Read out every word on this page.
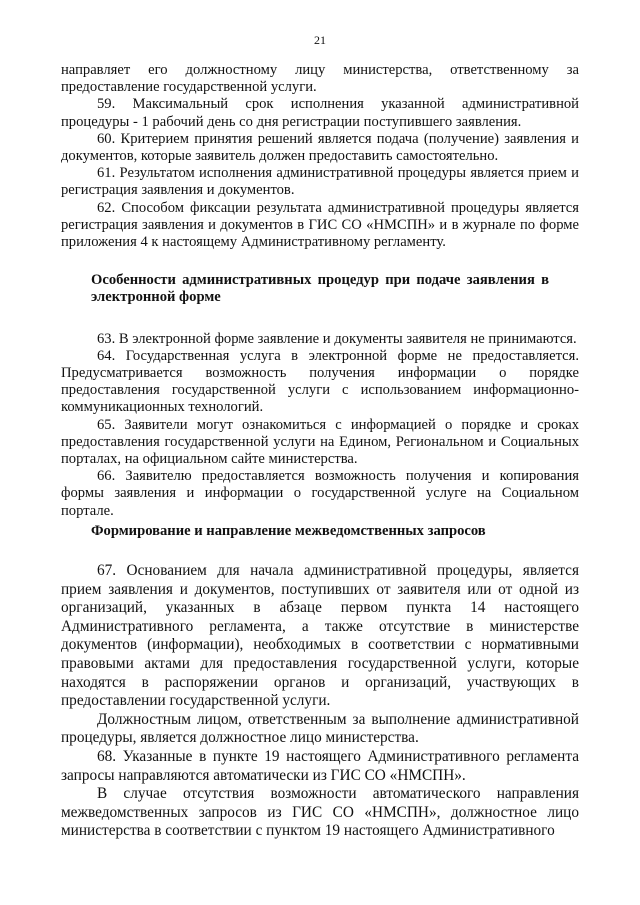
21

направляет его должностному лицу министерства, ответственному за предоставление государственной услуги.

59. Максимальный срок исполнения указанной административной процедуры - 1 рабочий день со дня регистрации поступившего заявления.

60. Критерием принятия решений является подача (получение) заявления и документов, которые заявитель должен предоставить самостоятельно.

61. Результатом исполнения административной процедуры является прием и регистрация заявления и документов.

62. Способом фиксации результата административной процедуры является регистрация заявления и документов в ГИС СО «НМСПН» и в журнале по форме приложения 4 к настоящему Административному регламенту.

Особенности административных процедур при подаче заявления в электронной форме

63. В электронной форме заявление и документы заявителя не принимаются.

64. Государственная услуга в электронной форме не предоставляется. Предусматривается возможность получения информации о порядке предоставления государственной услуги с использованием информационно-коммуникационных технологий.

65. Заявители могут ознакомиться с информацией о порядке и сроках предоставления государственной услуги на Едином, Региональном и Социальных порталах, на официальном сайте министерства.

66. Заявителю предоставляется возможность получения и копирования формы заявления и информации о государственной услуге на Социальном портале.

Формирование и направление межведомственных запросов

67. Основанием для начала административной процедуры, является прием заявления и документов, поступивших от заявителя или от одной из организаций, указанных в абзаце первом пункта 14 настоящего Административного регламента, а также отсутствие в министерстве документов (информации), необходимых в соответствии с нормативными правовыми актами для предоставления государственной услуги, которые находятся в распоряжении органов и организаций, участвующих в предоставлении государственной услуги.

Должностным лицом, ответственным за выполнение административной процедуры, является должностное лицо министерства.

68. Указанные в пункте 19 настоящего Административного регламента запросы направляются автоматически из ГИС СО «НМСПН».

В случае отсутствия возможности автоматического направления межведомственных запросов из ГИС СО «НМСПН», должностное лицо министерства в соответствии с пунктом 19 настоящего Административного
